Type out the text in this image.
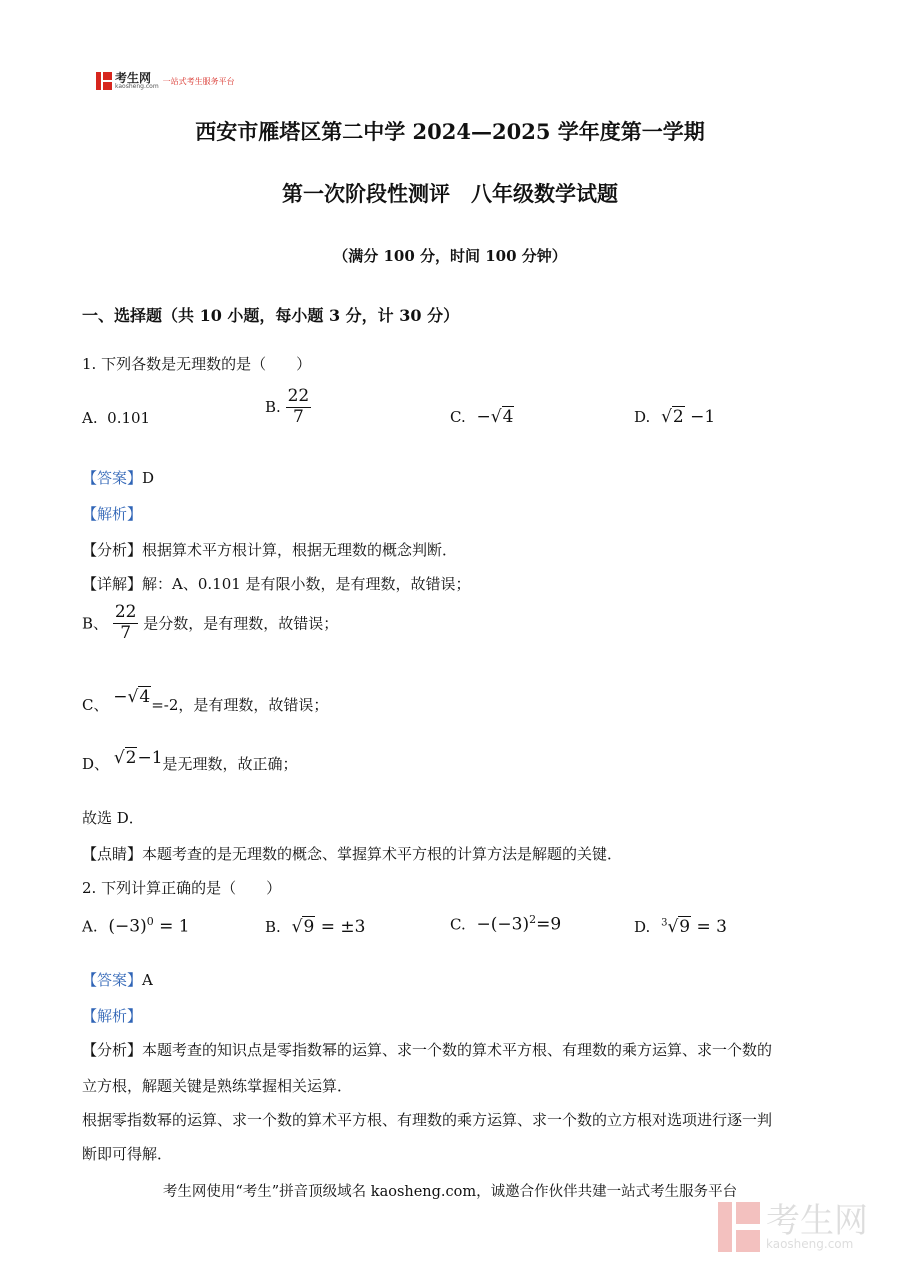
考生网
kaosheng.com
一站式考生服务平台
西安市雁塔区第二中学 2024—2025 学年度第一学期
第一次阶段性测评　八年级数学试题
（满分 100 分，时间 100 分钟）
一、选择题（共 10 小题，每小题 3 分，计 30 分）
1. 下列各数是无理数的是（　　）
A. 0.101
B. $\frac{22}{7}$	C. −√4	D. √2 −1
【答案】D
【解析】
【分析】根据算术平方根计算，根据无理数的概念判断．
【详解】解：A、0.101 是有限小数，是有理数，故错误；
B、 $\frac{22}{7}$ 是分数，是有理数，故错误；
C、 −√4=-2，是有理数，故错误；
D、 √2−1是无理数，故正确；
故选 D．
【点睛】本题考查的是无理数的概念、掌握算术平方根的计算方法是解题的关键．
2. 下列计算正确的是（　　）
A. $(-3)^0 = 1$	B. √9 = ±3	C. $-(-3)^2=9$	D. $^3$√9 = 3
【答案】A
【解析】
【分析】本题考查的知识点是零指数幂的运算、求一个数的算术平方根、有理数的乘方运算、求一个数的
立方根，解题关键是熟练掌握相关运算．
根据零指数幂的运算、求一个数的算术平方根、有理数的乘方运算、求一个数的立方根对选项进行逐一判
断即可得解．
考生网使用“考生”拼音顶级域名 kaosheng.com，诚邀合作伙伴共建一站式考生服务平台
考生网
kaosheng.com
